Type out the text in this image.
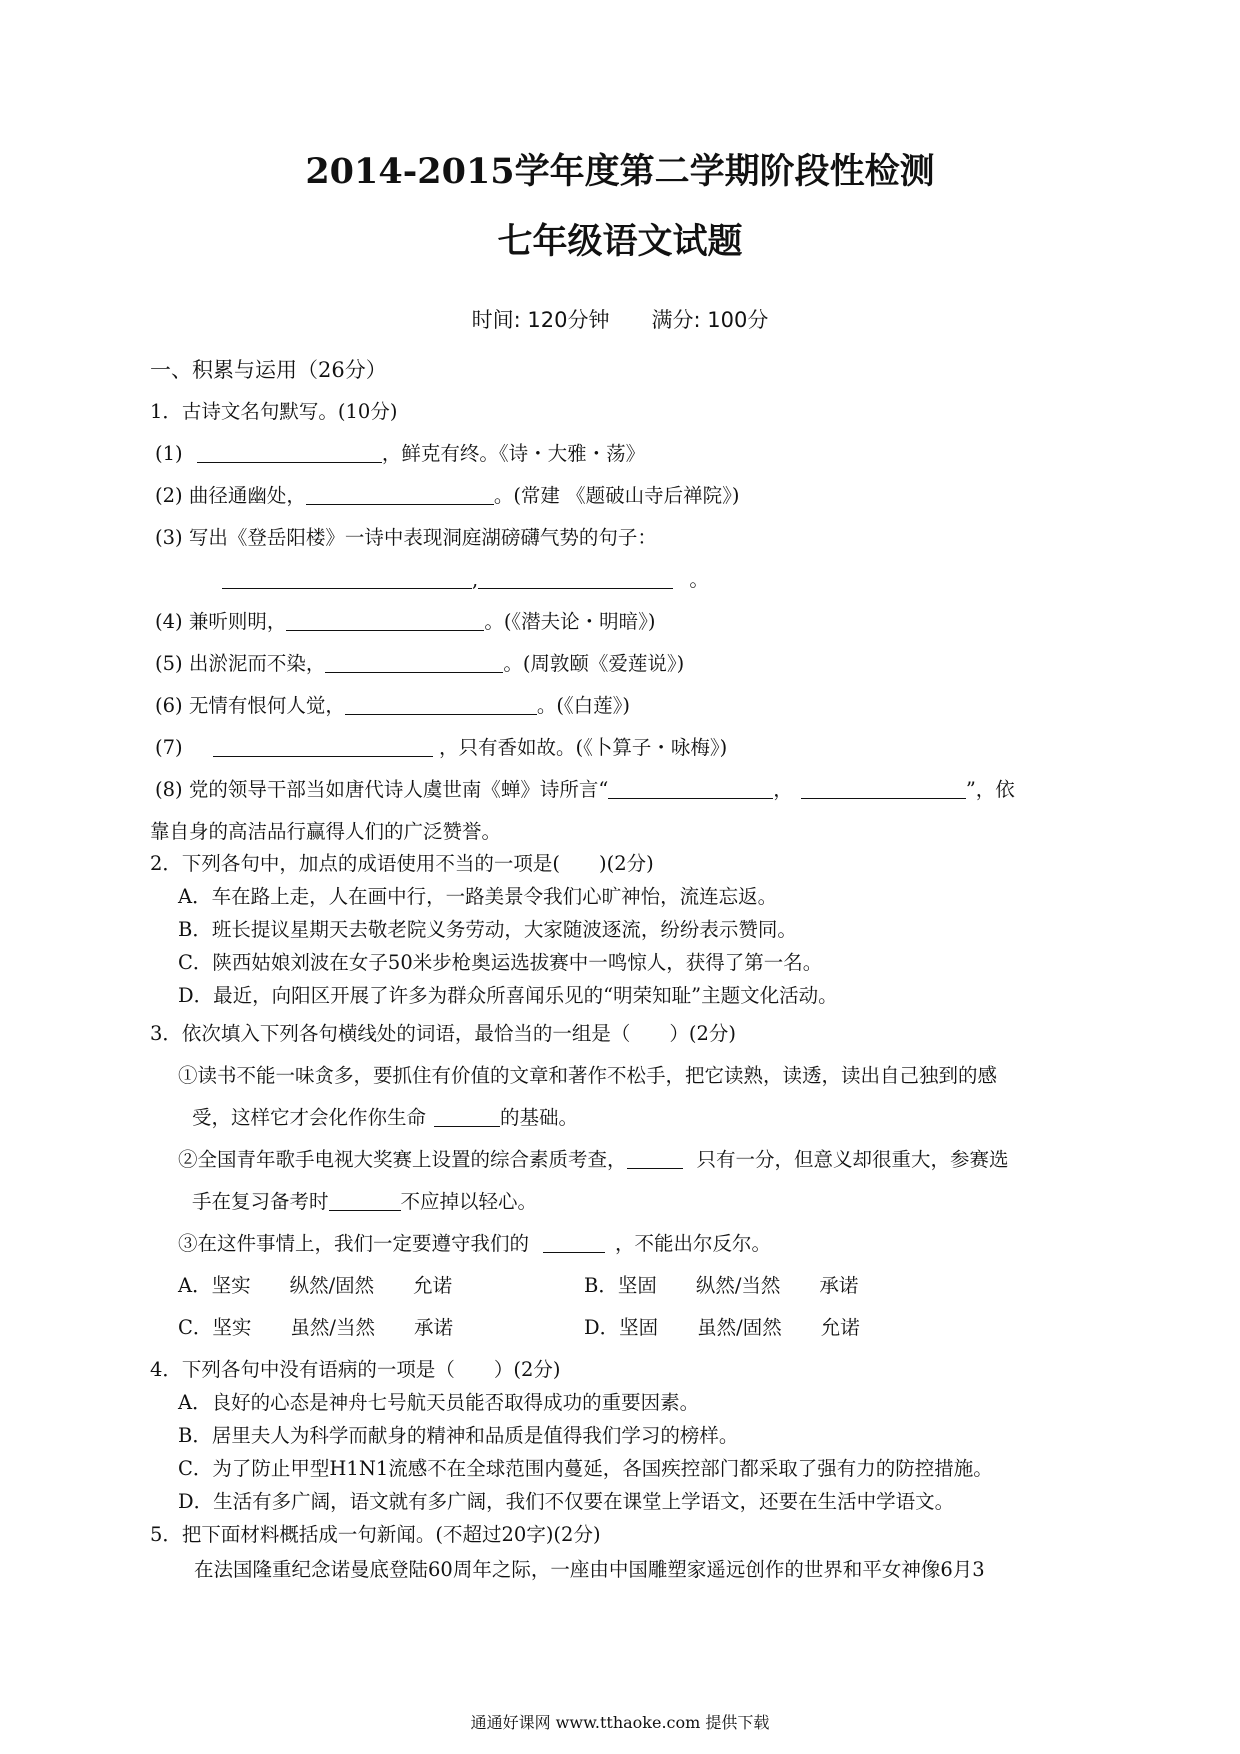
2014-2015学年度第二学期阶段性检测
七年级语文试题
时间: 120分钟 满分: 100分
一、积累与运用（26分）
1．古诗文名句默写。(10分)
(1)	，鲜克有终。《诗・大雅・荡》
(2) 曲径通幽处，	。(常建 《题破山寺后禅院》)
(3) 写出《登岳阳楼》一诗中表现洞庭湖磅礴气势的句子：
,	。
(4) 兼听则明，	。(《潜夫论・明暗》)
(5) 出淤泥而不染，	。(周敦颐《爱莲说》)
(6) 无情有恨何人觉，	。(《白莲》)
(7)	，只有香如故。(《卜算子・咏梅》)
(8) 党的领导干部当如唐代诗人虞世南《蝉》诗所言“	，	”，依
靠自身的高洁品行赢得人们的广泛赞誉。
2．下列各句中，加点的成语使用不当的一项是(　　)(2分)
A．车在路上走，人在画中行，一路美景令我们心旷神怡，流连忘返。
B．班长提议星期天去敬老院义务劳动，大家随波逐流，纷纷表示赞同。
C．陕西姑娘刘波在女子50米步枪奥运选拔赛中一鸣惊人，获得了第一名。
D．最近，向阳区开展了许多为群众所喜闻乐见的“明荣知耻”主题文化活动。
3．依次填入下列各句横线处的词语，最恰当的一组是（　　）(2分)
①读书不能一味贪多，要抓住有价值的文章和著作不松手，把它读熟，读透，读出自己独到的感
受，这样它才会化作你生命	的基础。
②全国青年歌手电视大奖赛上设置的综合素质考查，	只有一分，但意义却很重大，参赛选
手在复习备考时	不应掉以轻心。
③在这件事情上，我们一定要遵守我们的	，不能出尔反尔。
A．坚实　　纵然/固然　　允诺	B．坚固　　纵然/当然　　承诺
C．坚实　　虽然/当然　　承诺	D．坚固　　虽然/固然　　允诺
4．下列各句中没有语病的一项是（　　）(2分)
A．良好的心态是神舟七号航天员能否取得成功的重要因素。
B．居里夫人为科学而献身的精神和品质是值得我们学习的榜样。
C．为了防止甲型H1N1流感不在全球范围内蔓延，各国疾控部门都采取了强有力的防控措施。
D．生活有多广阔，语文就有多广阔，我们不仅要在课堂上学语文，还要在生活中学语文。
5．把下面材料概括成一句新闻。(不超过20字)(2分)
在法国隆重纪念诺曼底登陆60周年之际，一座由中国雕塑家遥远创作的世界和平女神像6月3
通通好课网 www.tthaoke.com 提供下载
